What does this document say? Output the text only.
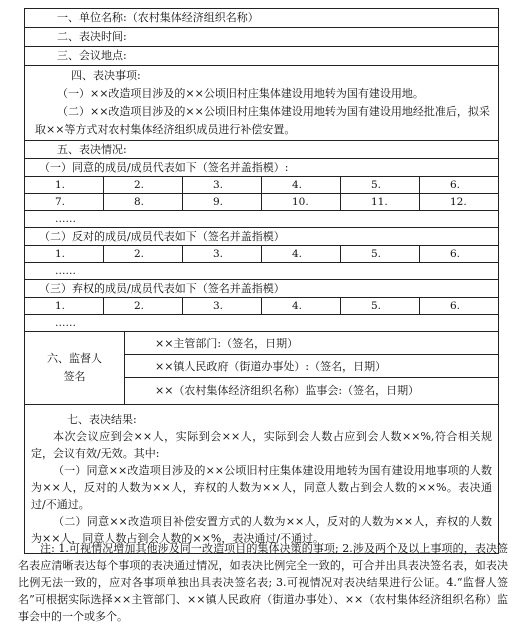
一、单位名称:（农村集体经济组织名称）
二、表决时间:
三、会议地点:

四、表决事项:

（一）××改造项目涉及的××公顷旧村庄集体建设用地转为国有建设用地。

（二）××改造项目涉及的××公顷旧村庄集体建设用地转为国有建设用地经批准后，拟采取××等方式对农村集体经济组织成员进行补偿安置。

五、表决情况:
（一）同意的成员/成员代表如下（签名并盖指模）:
1.	2.	3.	4.	5.	6.
7.	8.	9.	10.	11.	12.
……
（二）反对的成员/成员代表如下（签名并盖指模）
1.	2.	3.	4.	5.	6.
……
（三）弃权的成员/成员代表如下（签名并盖指模）
1.	2.	3.	4.	5.	6.
……
六、监督人签名
××主管部门:（签名，日期）
××镇人民政府（街道办事处）:（签名，日期）
××（农村集体经济组织名称）监事会:（签名，日期）

七、表决结果:

本次会议应到会××人，实际到会××人，实际到会人数占应到会人数××%,符合相关规定，会议有效/无效。其中:

（一）同意××改造项目涉及的××公顷旧村庄集体建设用地转为国有建设用地事项的人数为××人，反对的人数为××人，弃权的人数为××人，同意人数占到会人数的××%。表决通过/不通过。

（二）同意××改造项目补偿安置方式的人数为××人，反对的人数为××人，弃权的人数为××人，同意人数占到会人数的××%，表决通过/不通过。

注: 1.可视情况增加其他涉及同一改造项目的集体决策的事项; 2.涉及两个及以上事项的，表决签名表应清晰表达每个事项的表决通过情况，如表决比例完全一致的，可合并出具表决签名表，如表决比例无法一致的，应对各事项单独出具表决签名表; 3.可视情况对表决结果进行公证。4.“监督人签名”可根据实际选择××主管部门、××镇人民政府（街道办事处）、××（农村集体经济组织名称）监事会中的一个或多个。
